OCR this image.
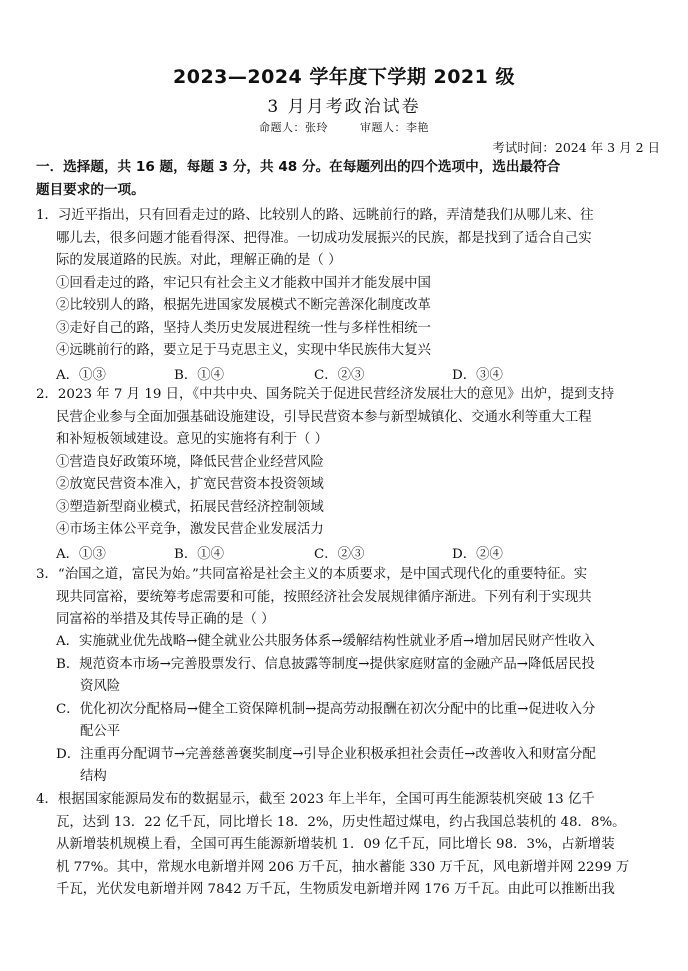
2023—2024 学年度下学期 2021 级
3 月月考政治试卷
命题人：张玲	审题人：李艳
考试时间：2024 年 3 月 2 日
一．选择题，共 16 题，每题 3 分，共 48 分。在每题列出的四个选项中，选出最符合
题目要求的一项。
1．习近平指出，只有回看走过的路、比较别人的路、远眺前行的路，弄清楚我们从哪儿来、往
哪儿去，很多问题才能看得深、把得准。一切成功发展振兴的民族，都是找到了适合自己实
际的发展道路的民族。对此，理解正确的是（ ）
①回看走过的路，牢记只有社会主义才能救中国并才能发展中国
②比较别人的路，根据先进国家发展模式不断完善深化制度改革
③走好自己的路，坚持人类历史发展进程统一性与多样性相统一
④远眺前行的路，要立足于马克思主义，实现中华民族伟大复兴
A．①③	B．①④	C．②③	D．③④
2．2023 年 7 月 19 日，《中共中央、国务院关于促进民营经济发展壮大的意见》出炉，提到支持
民营企业参与全面加强基础设施建设，引导民营资本参与新型城镇化、交通水利等重大工程
和补短板领域建设。意见的实施将有利于（ ）
①营造良好政策环境，降低民营企业经营风险
②放宽民营资本准入，扩宽民营资本投资领域
③塑造新型商业模式，拓展民营经济控制领域
④市场主体公平竞争，激发民营企业发展活力
A．①③	B．①④	C．②③	D．②④
3．“治国之道，富民为始。”共同富裕是社会主义的本质要求，是中国式现代化的重要特征。实
现共同富裕，要统筹考虑需要和可能，按照经济社会发展规律循序渐进。下列有利于实现共
同富裕的举措及其传导正确的是（ ）
A．实施就业优先战略→健全就业公共服务体系→缓解结构性就业矛盾→增加居民财产性收入
B．规范资本市场→完善股票发行、信息披露等制度→提供家庭财富的金融产品→降低居民投
资风险
C．优化初次分配格局→健全工资保障机制→提高劳动报酬在初次分配中的比重→促进收入分
配公平
D．注重再分配调节→完善慈善褒奖制度→引导企业积极承担社会责任→改善收入和财富分配
结构
4．根据国家能源局发布的数据显示，截至 2023 年上半年，全国可再生能源装机突破 13 亿千
瓦，达到 13．22 亿千瓦，同比增长 18．2%，历史性超过煤电，约占我国总装机的 48．8%。
从新增装机规模上看，全国可再生能源新增装机 1．09 亿千瓦，同比增长 98．3%，占新增装
机 77%。其中，常规水电新增并网 206 万千瓦，抽水蓄能 330 万千瓦，风电新增并网 2299 万
千瓦，光伏发电新增并网 7842 万千瓦，生物质发电新增并网 176 万千瓦。由此可以推断出我
